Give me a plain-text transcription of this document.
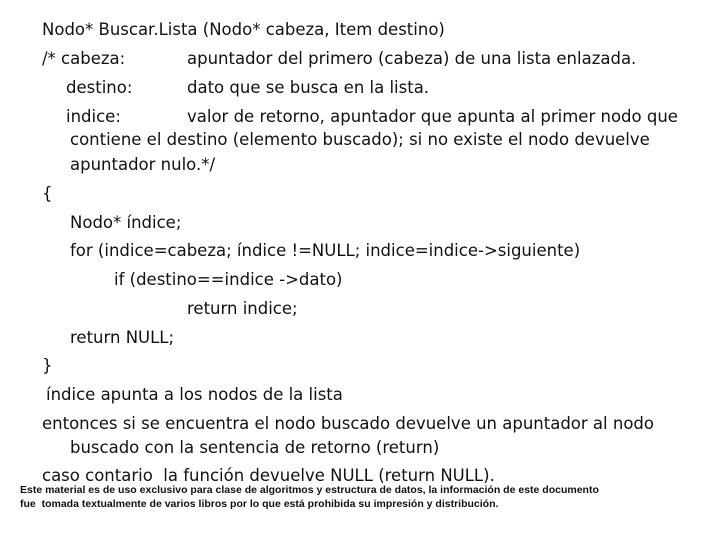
Nodo* Buscar.Lista (Nodo* cabeza, Item destino)
/* cabeza:	apuntador del primero (cabeza) de una lista enlazada.
destino:	dato que se busca en la lista.
indice:	valor de retorno, apuntador que apunta al primer nodo que
contiene el destino (elemento buscado); si no existe el nodo devuelve
apuntador nulo.*/
{
Nodo* índice;
for (indice=cabeza; índice !=NULL; indice=indice->siguiente)
if (destino==indice ->dato)
return indice;
return NULL;
}
índice apunta a los nodos de la lista
entonces si se encuentra el nodo buscado devuelve un apuntador al nodo
buscado con la sentencia de retorno (return)
caso contario  la función devuelve NULL (return NULL).
Este material es de uso exclusivo para clase de algoritmos y estructura de datos, la información de este documento
fue  tomada textualmente de varios libros por lo que está prohibida su impresión y distribución.
